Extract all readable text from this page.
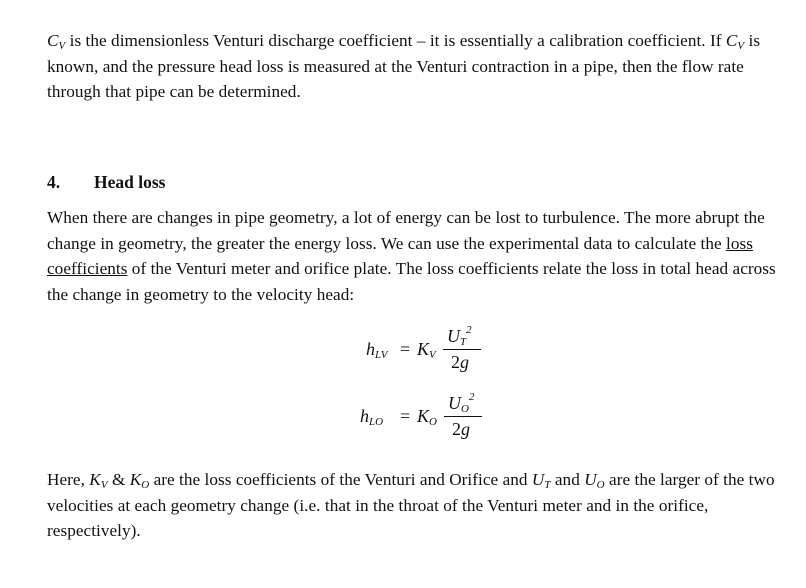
$C_V$ is the dimensionless Venturi discharge coefficient – it is essentially a calibration coefficient. If $C_V$ is known, and the pressure head loss is measured at the Venturi contraction in a pipe, then the flow rate through that pipe can be determined.

4. Head loss

When there are changes in pipe geometry, a lot of energy can be lost to turbulence. The more abrupt the change in geometry, the greater the energy loss. We can use the experimental data to calculate the loss coefficients of the Venturi meter and orifice plate. The loss coefficients relate the loss in total head across the change in geometry to the velocity head:

$h_{LV} = K_V$
$U_T^2$
2g
$h_{LO} = K_O$
$U_O^2$
2g

Here, $K_V$ & $K_O$ are the loss coefficients of the Venturi and Orifice and $U_T$ and $U_O$ are the larger of the two velocities at each geometry change (i.e. that in the throat of the Venturi meter and in the orifice, respectively).
